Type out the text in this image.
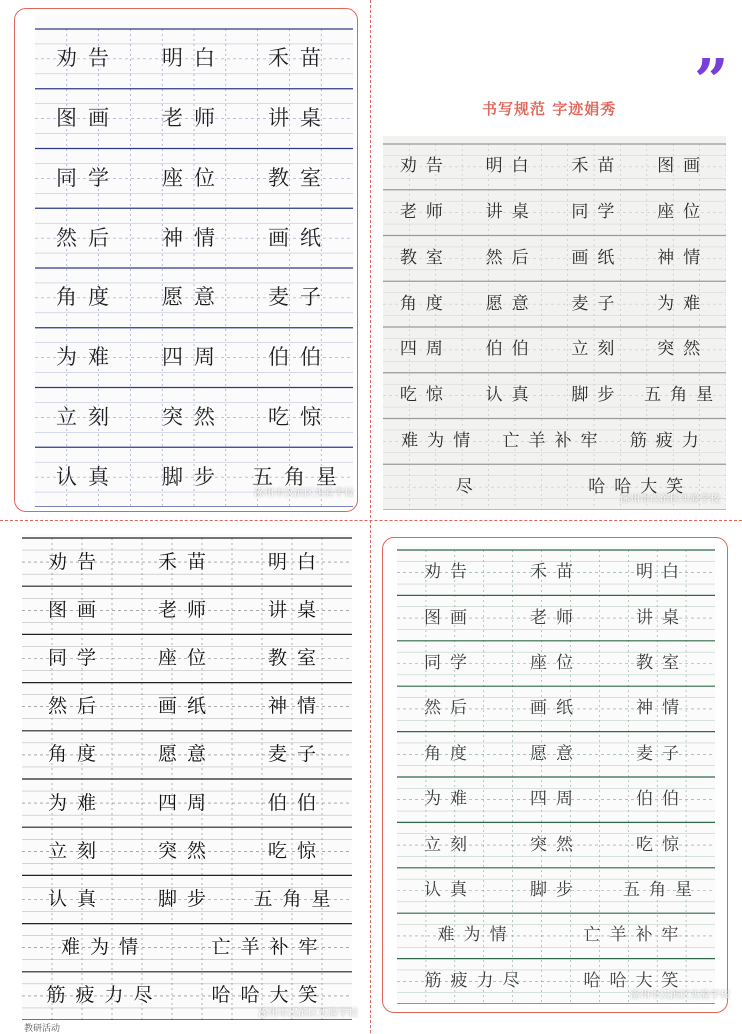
”
书写规范 字迹娟秀
劝告 明白 禾苗
图画 老师 讲桌
同学 座位 教室
然后 神情 画纸
角度 愿意 麦子
为难 四周 伯伯
立刻 突然 吃惊
认真 脚步 五角星
劝告 明白 禾苗 图画
老师 讲桌 同学 座位
教室 然后 画纸 神情
角度 愿意 麦子 为难
四周 伯伯 立刻 突然
吃惊 认真 脚步 五角星
难为情 亡羊补牢 筋疲力
尽	哈哈大笑
劝告	禾苗	明白
图画	老师	讲桌
同学	座位	教室
然后	画纸	神情
角度	愿意	麦子
为难	四周	伯伯
立刻	突然	吃惊
认真	脚步 五角星
难为情	亡羊补牢
筋疲力尽	哈哈大笑
教研活动
劝告	禾苗	明白
图画	老师	讲桌
同学	座位	教室
然后	画纸	神情
角度	愿意	麦子
为难	四周	伯伯
立刻	突然	吃惊
认真	脚步 五角星
难为情	亡羊补牢
筋疲力尽	哈哈大笑
涿州市汉滨区实验学校
涿州市汉滨区实验学校
涿州市汉滨区实验学校
涿州市汉滨区实验学校
